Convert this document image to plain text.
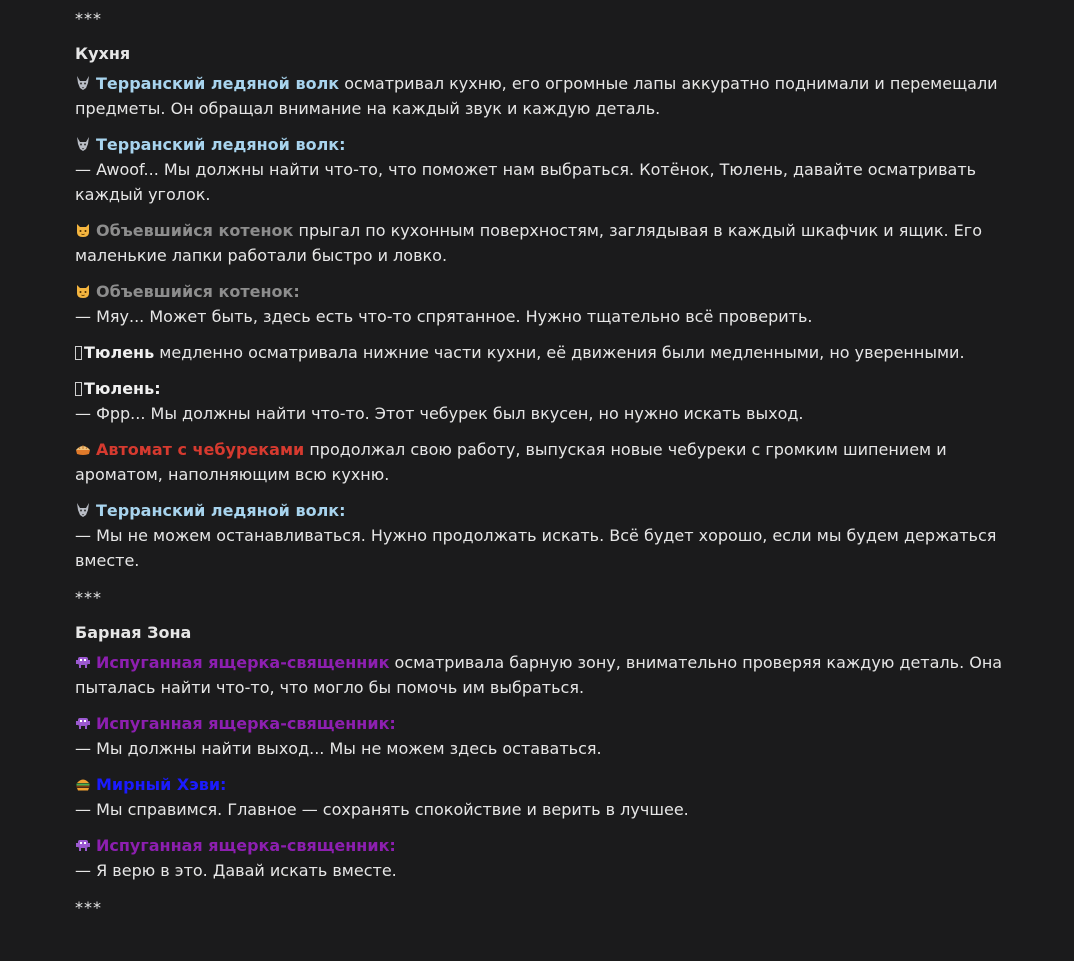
***
Кухня
Терранский ледяной волк осматривал кухню, его огромные лапы аккуратно поднимали и перемещали предметы. Он обращал внимание на каждый звук и каждую деталь.
Терранский ледяной волк:
— Awoof... Мы должны найти что-то, что поможет нам выбраться. Котёнок, Тюлень, давайте осматривать каждый уголок.
Объевшийся котенок прыгал по кухонным поверхностям, заглядывая в каждый шкафчик и ящик. Его маленькие лапки работали быстро и ловко.
Объевшийся котенок:
— Мяу... Может быть, здесь есть что-то спрятанное. Нужно тщательно всё проверить.
Тюлень медленно осматривала нижние части кухни, её движения были медленными, но уверенными.
Тюлень:
— Фрр... Мы должны найти что-то. Этот чебурек был вкусен, но нужно искать выход.
Автомат с чебуреками продолжал свою работу, выпуская новые чебуреки с громким шипением и ароматом, наполняющим всю кухню.
Терранский ледяной волк:
— Мы не можем останавливаться. Нужно продолжать искать. Всё будет хорошо, если мы будем держаться вместе.
***
Барная Зона
Испуганная ящерка-священник осматривала барную зону, внимательно проверяя каждую деталь. Она пыталась найти что-то, что могло бы помочь им выбраться.
Испуганная ящерка-священник:
— Мы должны найти выход... Мы не можем здесь оставаться.
Мирный Хэви:
— Мы справимся. Главное — сохранять спокойствие и верить в лучшее.
Испуганная ящерка-священник:
— Я верю в это. Давай искать вместе.
***
